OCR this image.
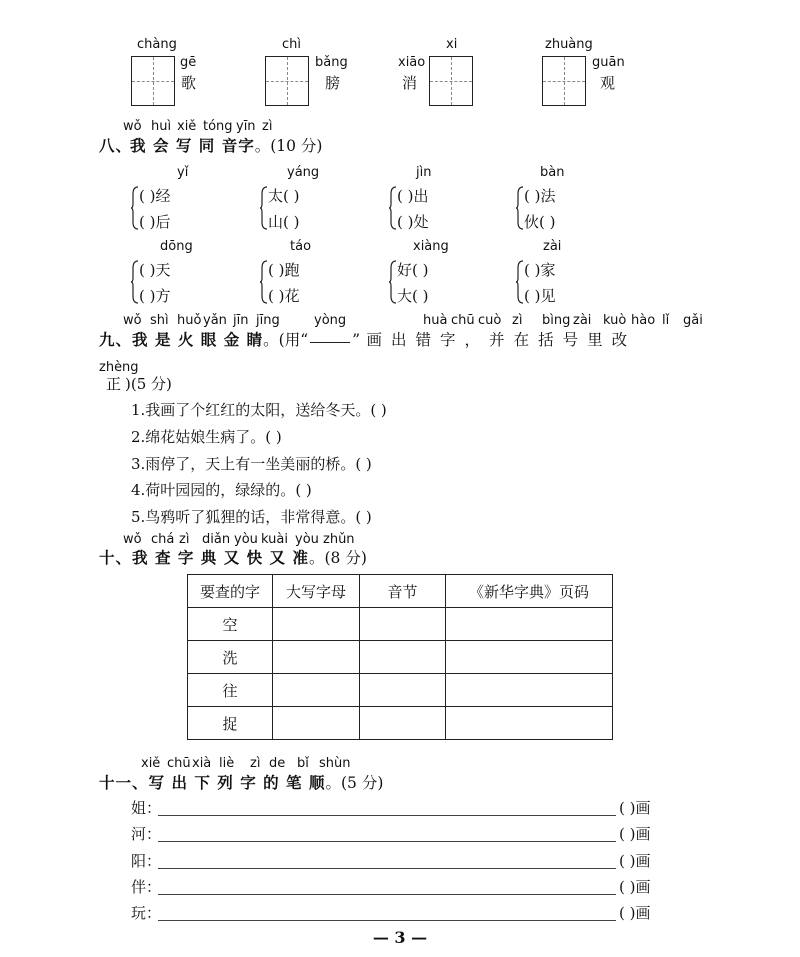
chàng
gē
歌
chì
bǎng
膀
xi
xiāo
消
zhuàng
guān
观
wǒ huì xiě tóng yīn zì
八、我 会 写 同 音字。(10 分)
yǐ
( )经
( )后
yáng
太( )
山( )
jìn
( )出
( )处
bàn
( )法
伙( )
dōng
( )天
( )方
táo
( )跑
( )花
xiàng
好( )
大( )
zài
( )家
( )见
wǒ shì huǒ yǎn jīn jīng	yòng	huà chū cuò zì bìng zài kuò hào lǐ gǎi
九、我 是 火 眼 金 睛。(用“	” 画出错字，并在括号里改
zhèng
正 )(5 分)
1.我画了个红红的太阳，送给冬天。( )
2.绵花姑娘生病了。( )
3.雨停了，天上有一坐美丽的桥。( )
4.荷叶园园的，绿绿的。( )
5.鸟鸦听了狐狸的话，非常得意。( )
wǒ chá zì diǎn yòu kuài yòu zhǔn
十、我 查 字 典 又 快 又 准。(8 分)
要查的字	大写字母	音节	《新华字典》页码
空			
洗			
往			
捉			
xiě chū xià liè zì de bǐ shùn
十一、写 出 下 列 字 的 笔 顺。(5 分)
姐：	( )画
河：	( )画
阳：	( )画
伴：	( )画
玩：	( )画
— 3 —
